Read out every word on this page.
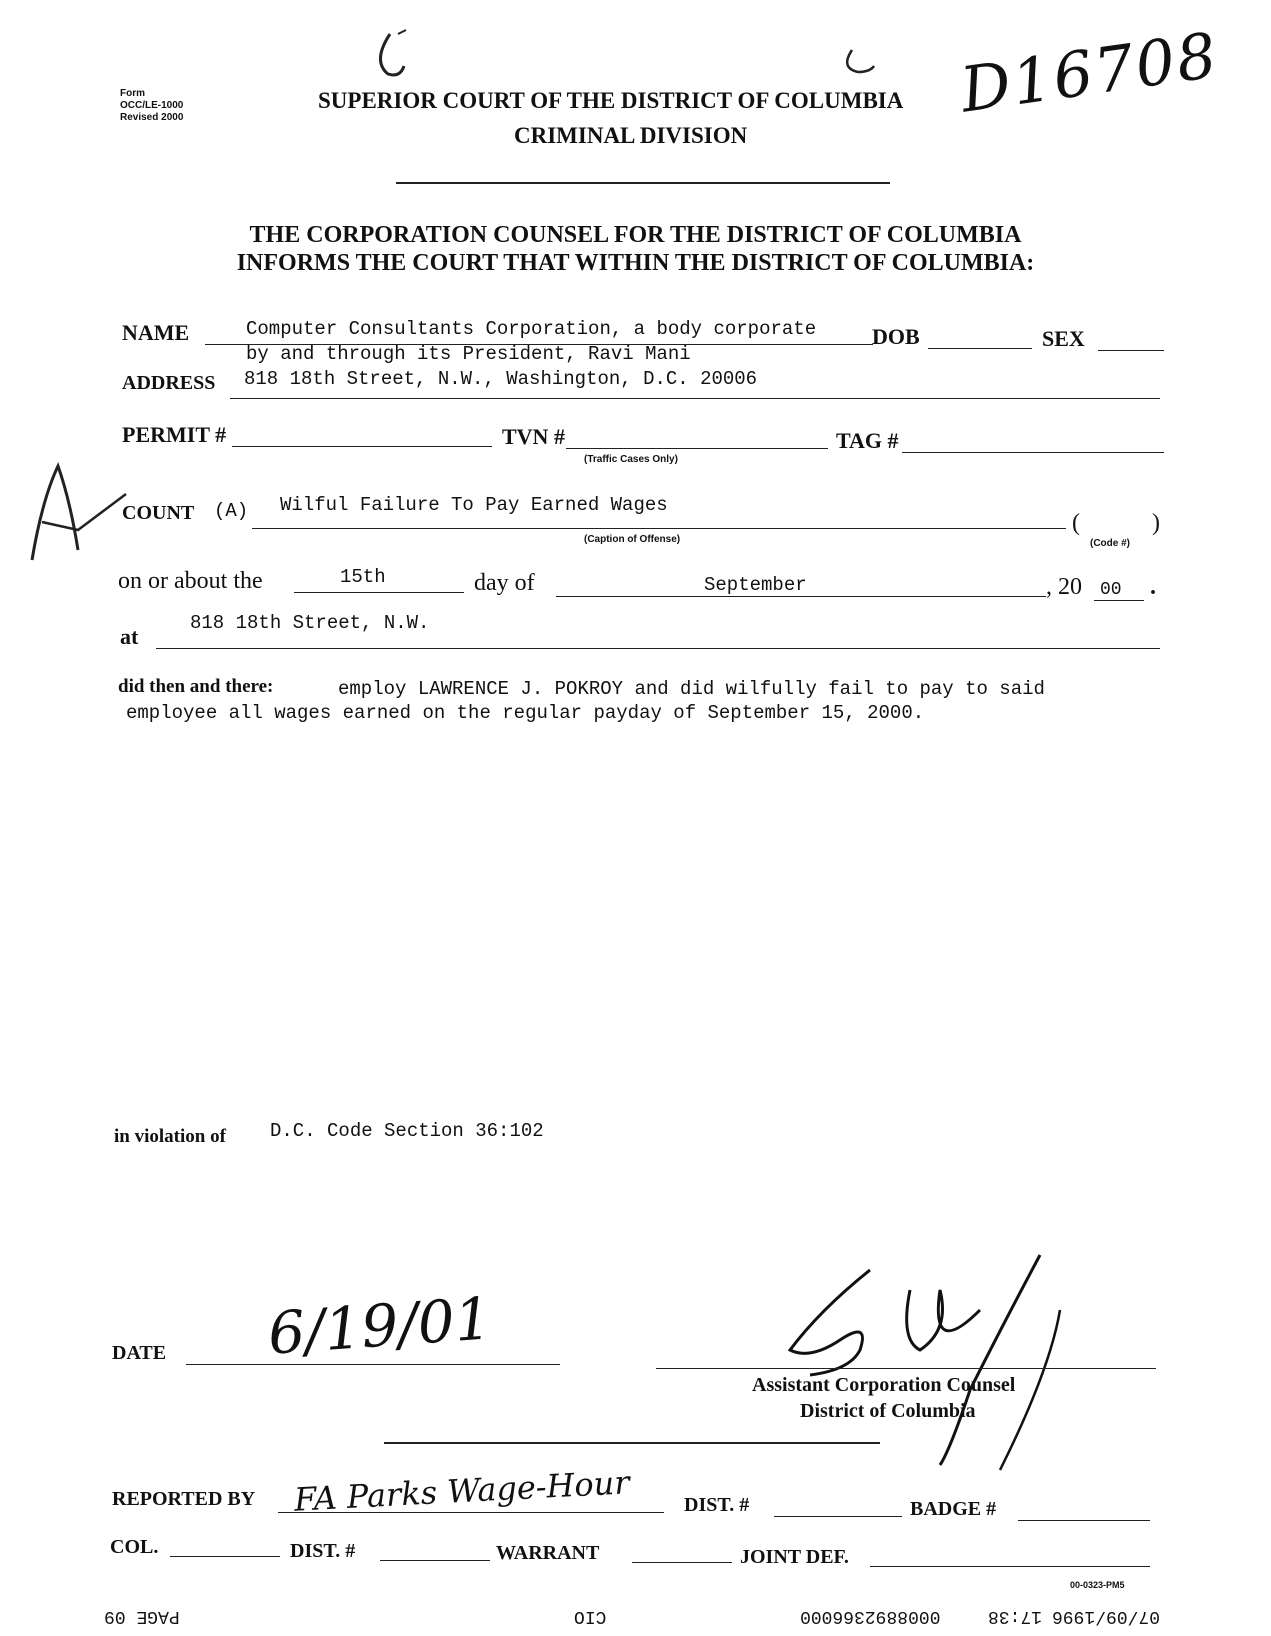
D16708
Form
OCC/LE-1000
Revised 2000
SUPERIOR COURT OF THE DISTRICT OF COLUMBIA
CRIMINAL DIVISION
THE CORPORATION COUNSEL FOR THE DISTRICT OF COLUMBIA
INFORMS THE COURT THAT WITHIN THE DISTRICT OF COLUMBIA:
NAME	Computer Consultants Corporation, a body corporate
by and through its President, Ravi Mani
DOB	SEX
ADDRESS 818 18th Street, N.W., Washington, D.C. 20006
PERMIT #	TVN #
(Traffic Cases Only)
TAG #
COUNT (A) Wilful Failure To Pay Earned Wages
(Caption of Offense)
(	)
(Code #)
on or about the	15th	day of	September	, 20 00 .
at
818 18th Street, N.W.
did then and there:	employ LAWRENCE J. POKROY and did wilfully fail to pay to said
employee all wages earned on the regular payday of September 15, 2000.
in violation of D.C. Code Section 36:102
DATE 6/19/01
Assistant Corporation Counsel
District of Columbia
REPORTED BY FA Parks Wage-Hour	DIST. #	BADGE #
COL.	DIST. #	WARRANT	JOINT DEF.
00-0323-PM5
PAGE 09	CIO	0008892366000	07/09/1996
17:38
